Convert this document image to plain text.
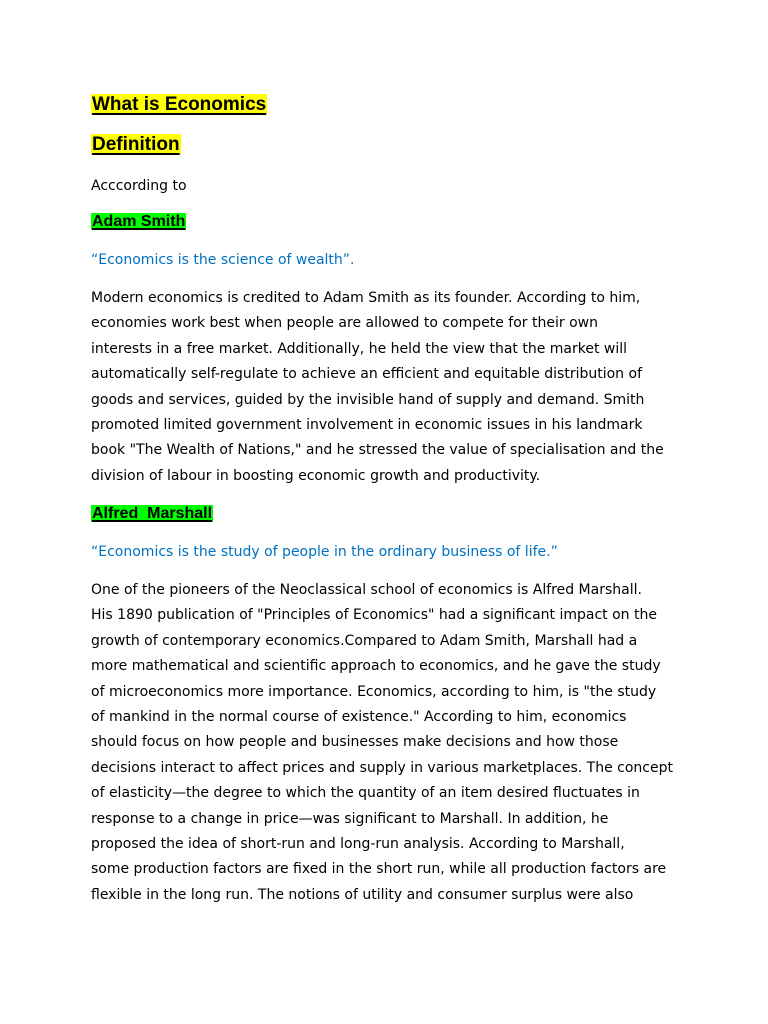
What is Economics
Definition
Acccording to
Adam Smith
“Economics is the science of wealth”.
Modern economics is credited to Adam Smith as its founder. According to him,
economies work best when people are allowed to compete for their own
interests in a free market. Additionally, he held the view that the market will
automatically self-regulate to achieve an efficient and equitable distribution of
goods and services, guided by the invisible hand of supply and demand. Smith
promoted limited government involvement in economic issues in his landmark
book "The Wealth of Nations," and he stressed the value of specialisation and the
division of labour in boosting economic growth and productivity.
Alfred  Marshall
“Economics is the study of people in the ordinary business of life.”
One of the pioneers of the Neoclassical school of economics is Alfred Marshall.
His 1890 publication of "Principles of Economics" had a significant impact on the
growth of contemporary economics.Compared to Adam Smith, Marshall had a
more mathematical and scientific approach to economics, and he gave the study
of microeconomics more importance. Economics, according to him, is "the study
of mankind in the normal course of existence." According to him, economics
should focus on how people and businesses make decisions and how those
decisions interact to affect prices and supply in various marketplaces. The concept
of elasticity—the degree to which the quantity of an item desired fluctuates in
response to a change in price—was significant to Marshall. In addition, he
proposed the idea of short-run and long-run analysis. According to Marshall,
some production factors are fixed in the short run, while all production factors are
flexible in the long run. The notions of utility and consumer surplus were also
